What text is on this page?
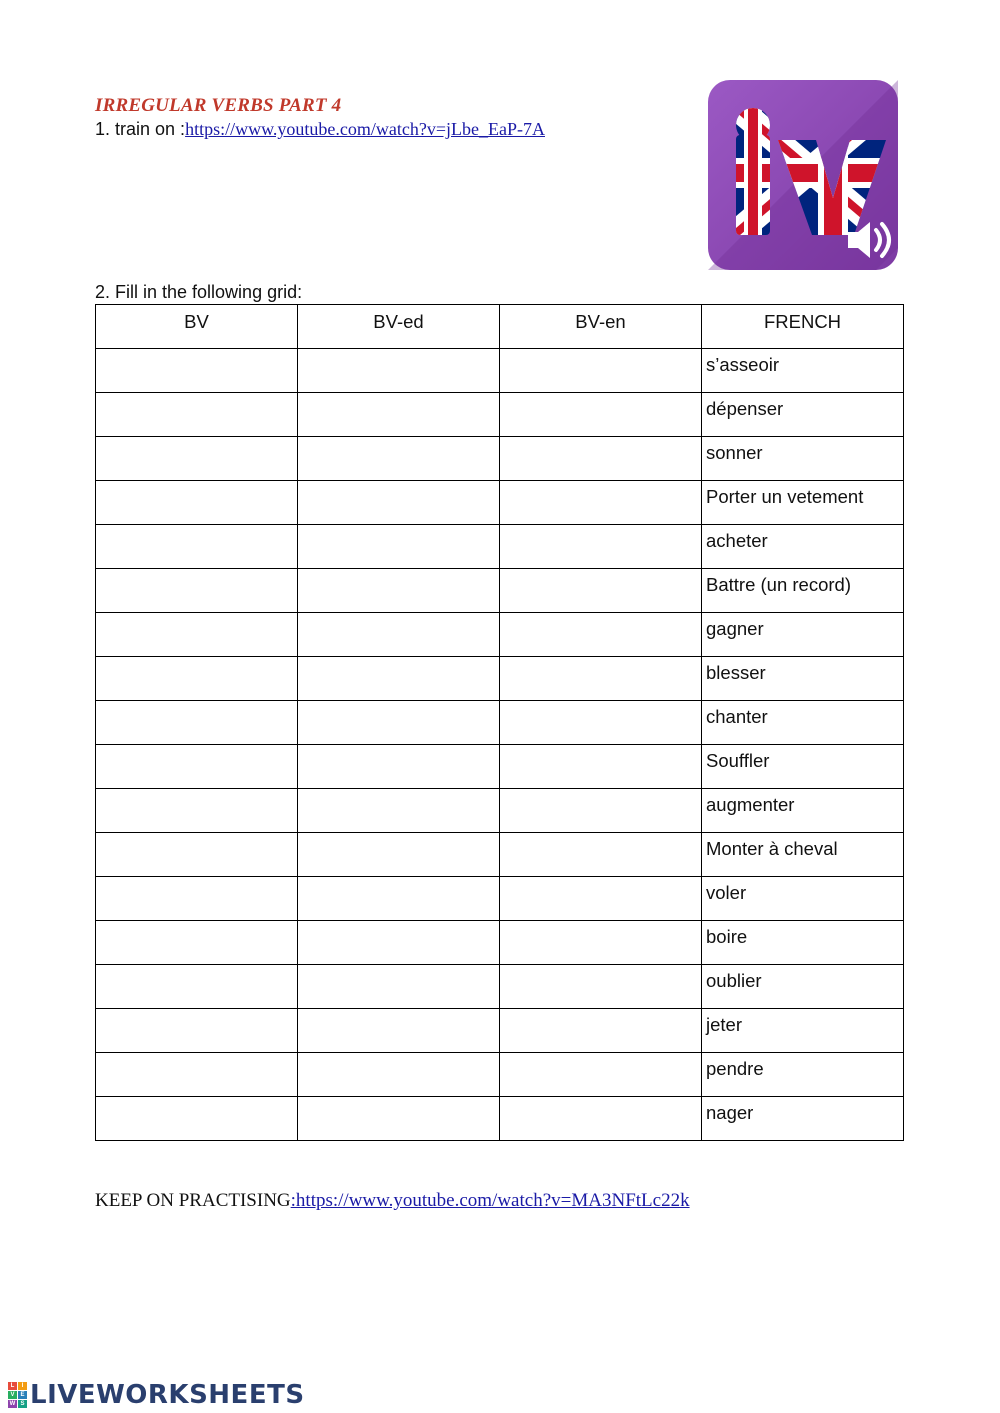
IRREGULAR VERBS PART 4
1. train on :https://www.youtube.com/watch?v=jLbe_EaP-7A
2. Fill in the following grid:
BV	BV-ed	BV-en	FRENCH
			s’asseoir
			dépenser
			sonner
			Porter un vetement
			acheter
			Battre (un record)
			gagner
			blesser
			chanter
			Souffler
			augmenter
			Monter à cheval
			voler
			boire
			oublier
			jeter
			pendre
			nager
KEEP ON PRACTISING:https://www.youtube.com/watch?v=MA3NFtLc22k
L	I
V E
W S LIVEWORKSHEETS
